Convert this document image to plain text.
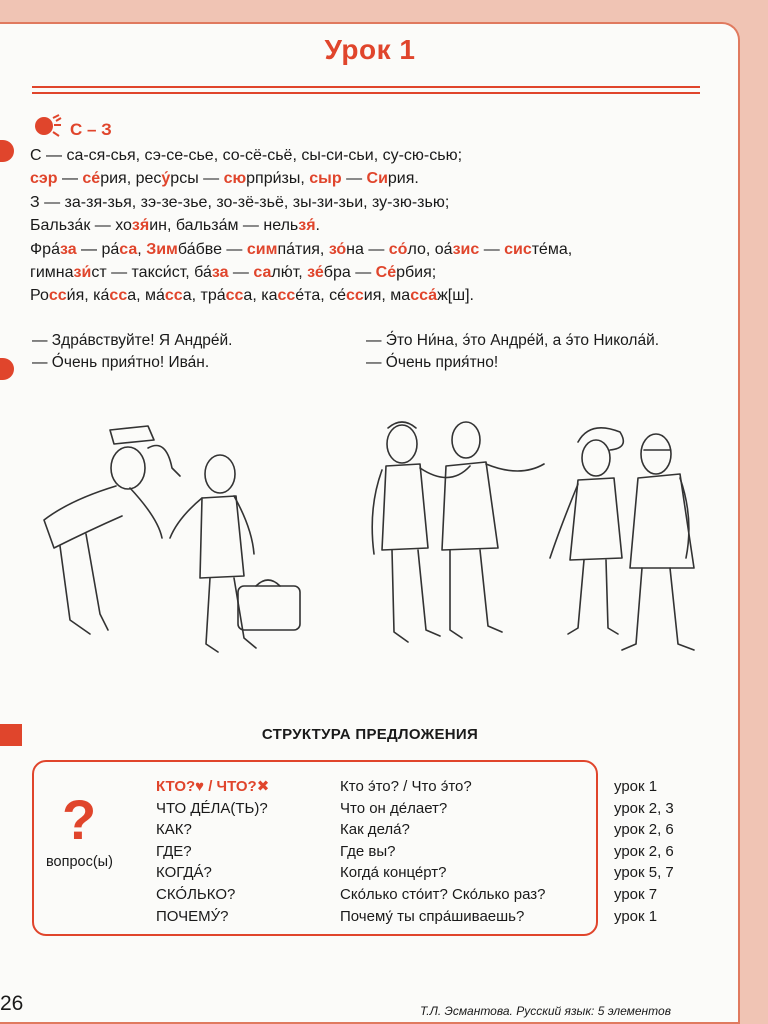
Урок 1
С – З
С — са-ся-сья, сэ-се-сье, со-сё-сьё, сы-си-сьи, су-сю-сью;
сэр — се́рия, ресу́рсы — сюрпри́зы, сыр — Сирия.
З — за-зя-зья, зэ-зе-зье, зо-зё-зьё, зы-зи-зьи, зу-зю-зью;
Бальза́к — хозя́ин, бальза́м — нельзя́.
Фра́за — ра́са, Зимба́бве — симпа́тия, зо́на — со́ло, оа́зис — систе́ма,
гимнази́ст — такси́ст, ба́за — салю́т, зе́бра — Се́рбия;
Росси́я, ка́сса, ма́сса, тра́сса, кассе́та, се́ссия, масса́ж[ш].
— Здра́вствуйте! Я Андре́й.
— О́чень прия́тно! Ива́н.
— Э́то Ни́на, э́то Андре́й, а э́то Никола́й.
— О́чень прия́тно!
СТРУКТУРА ПРЕДЛОЖЕНИЯ
?
вопрос(ы)
КТО?♥ / ЧТО?✖
ЧТО ДЕ́ЛА(ТЬ)?
КАК?
ГДЕ?
КОГДА́?
СКО́ЛЬКО?
ПОЧЕМУ́?
Кто э́то? / Что э́то?
Что он де́лает?
Как дела́?
Где вы?
Когда́ конце́рт?
Ско́лько сто́ит? Ско́лько раз?
Почему́ ты спра́шиваешь?
урок 1
урок 2, 3
урок 2, 6
урок 2, 6
урок 5, 7
урок 7
урок 1
26	Т.Л. Эсмантова. Русский язык: 5 элементов
